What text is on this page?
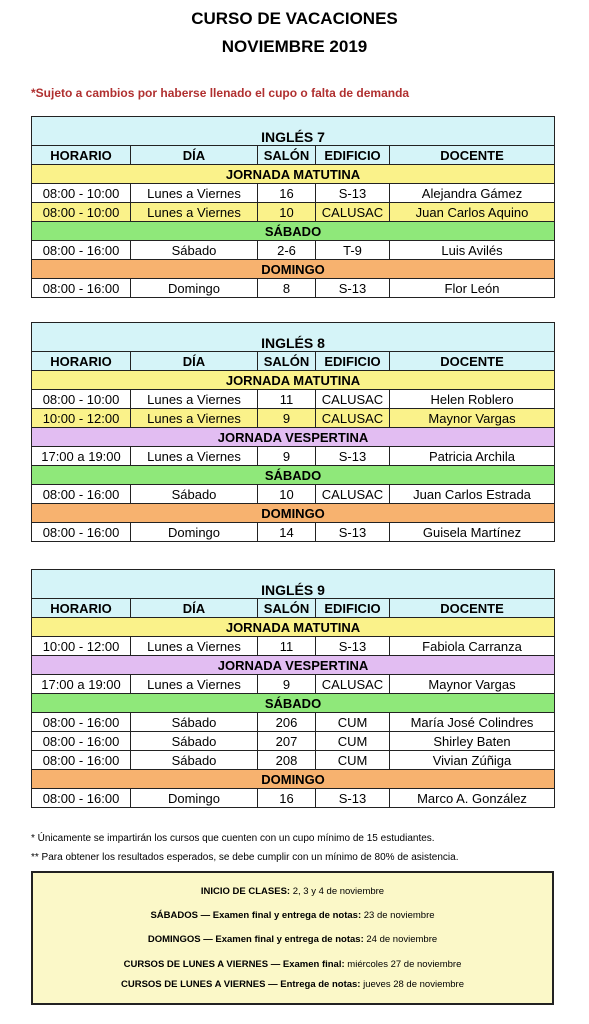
CURSO DE VACACIONES
NOVIEMBRE 2019
*Sujeto a cambios por haberse llenado el cupo o falta de demanda
INGLÉS 7				
HORARIO	DÍA	SALÓN	EDIFICIO	DOCENTE
JORNADA MATUTINA				
08:00 - 10:00	Lunes a Viernes	16	S-13	Alejandra Gámez
08:00 - 10:00	Lunes a Viernes	10	CALUSAC	Juan Carlos Aquino
SÁBADO				
08:00 - 16:00	Sábado	2-6	T-9	Luis Avilés
DOMINGO				
08:00 - 16:00	Domingo	8	S-13	Flor León
INGLÉS 8				
HORARIO	DÍA	SALÓN	EDIFICIO	DOCENTE
JORNADA MATUTINA				
08:00 - 10:00	Lunes a Viernes	11	CALUSAC	Helen Roblero
10:00 - 12:00	Lunes a Viernes	9	CALUSAC	Maynor Vargas
JORNADA VESPERTINA				
17:00 a 19:00	Lunes a Viernes	9	S-13	Patricia Archila
SÁBADO				
08:00 - 16:00	Sábado	10	CALUSAC	Juan Carlos Estrada
DOMINGO				
08:00 - 16:00	Domingo	14	S-13	Guisela Martínez
INGLÉS 9				
HORARIO	DÍA	SALÓN	EDIFICIO	DOCENTE
JORNADA MATUTINA				
10:00 - 12:00	Lunes a Viernes	11	S-13	Fabiola Carranza
JORNADA VESPERTINA				
17:00 a 19:00	Lunes a Viernes	9	CALUSAC	Maynor Vargas
SÁBADO				
08:00 - 16:00	Sábado	206	CUM	María José Colindres
08:00 - 16:00	Sábado	207	CUM	Shirley Baten
08:00 - 16:00	Sábado	208	CUM	Vivian Zúñiga
DOMINGO				
08:00 - 16:00	Domingo	16	S-13	Marco A. González
* Únicamente se impartirán los cursos que cuenten con un cupo mínimo de 15 estudiantes.
** Para obtener los resultados esperados, se debe cumplir con un mínimo de 80% de asistencia.
INICIO DE CLASES: 2, 3 y 4 de noviembre
SÁBADOS — Examen final y entrega de notas: 23 de noviembre
DOMINGOS — Examen final y entrega de notas: 24 de noviembre
CURSOS DE LUNES A VIERNES — Examen final: miércoles 27 de noviembre
CURSOS DE LUNES A VIERNES — Entrega de notas: jueves 28 de noviembre
